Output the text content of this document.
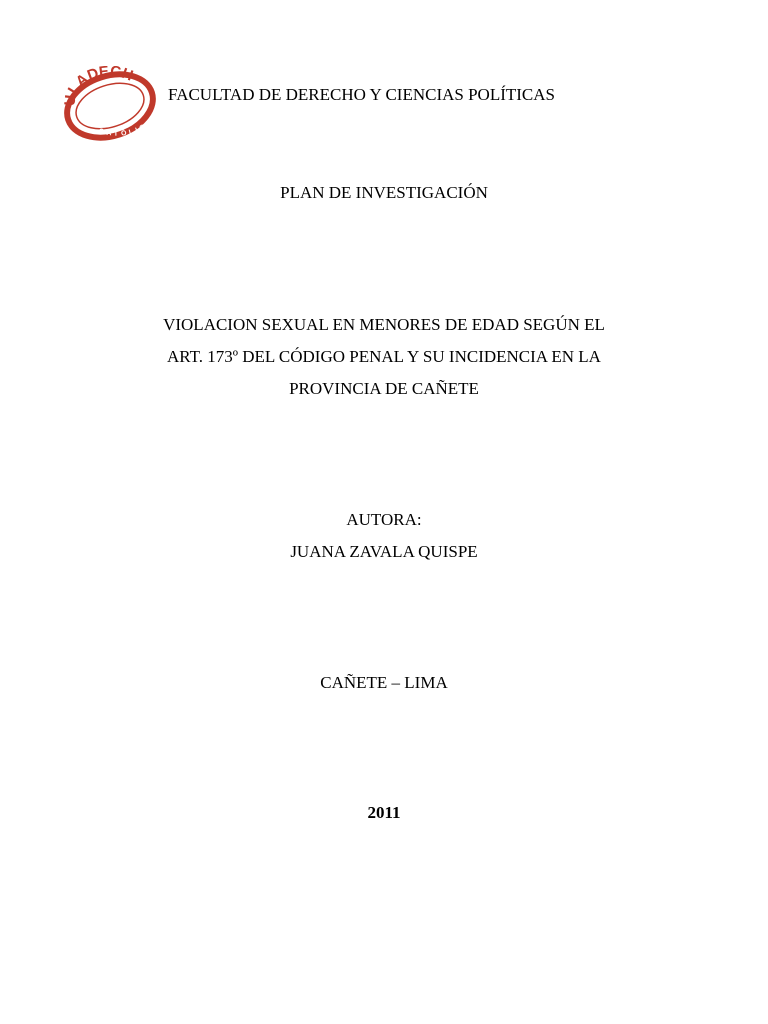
ULADECH
CATÓLICA
FACULTAD DE DERECHO Y CIENCIAS POLÍTICAS
PLAN DE INVESTIGACIÓN
VIOLACION SEXUAL EN MENORES DE EDAD SEGÚN EL
ART. 173º DEL CÓDIGO PENAL Y SU INCIDENCIA EN LA
PROVINCIA DE CAÑETE
AUTORA:
JUANA ZAVALA QUISPE
CAÑETE – LIMA
2011
